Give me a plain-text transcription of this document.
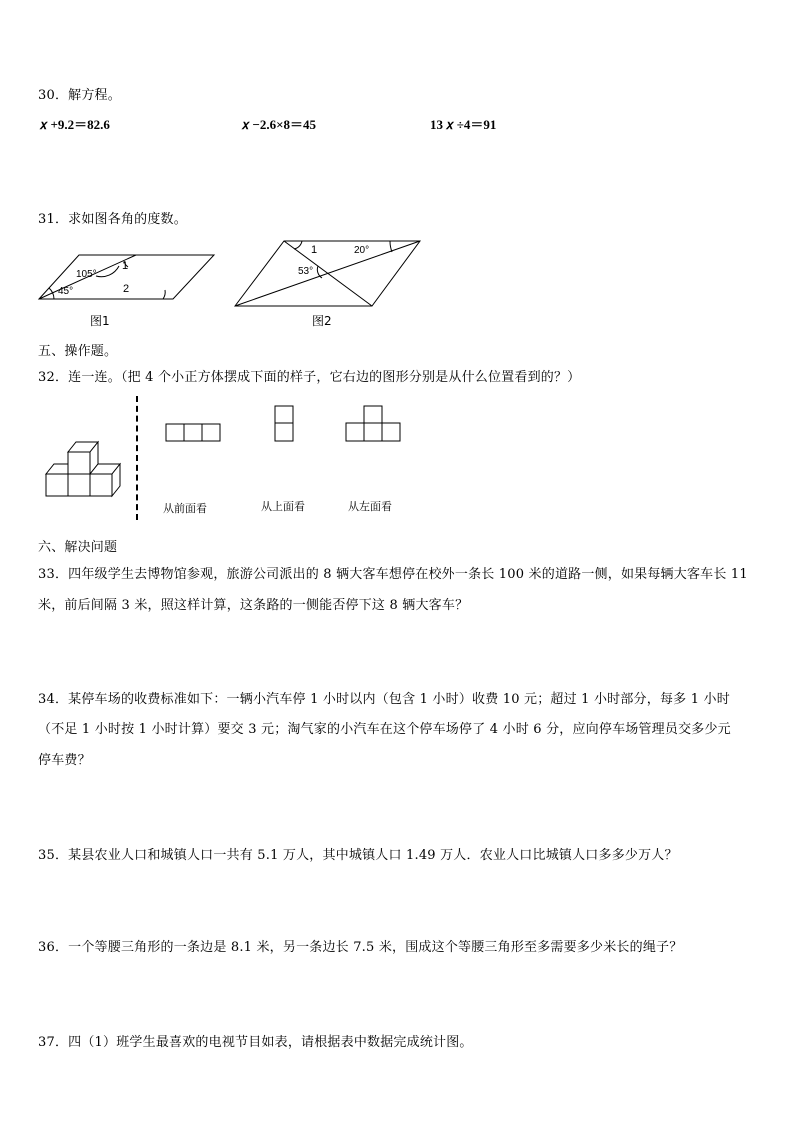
30．解方程。
𝑥 +9.2＝82.6	𝑥 −2.6×8＝45	13 𝑥 ÷4＝91
31．求如图各角的度数。
105°
45°
1
2
图1
1	20°
53°
图2
五、操作题。
32．连一连。（把 4 个小正方体摆成下面的样子，它右边的图形分别是从什么位置看到的？）
从前面看	从上面看	从左面看
六、解决问题
33．四年级学生去博物馆参观，旅游公司派出的 8 辆大客车想停在校外一条长 100 米的道路一侧，如果每辆大客车长 11
米，前后间隔 3 米，照这样计算，这条路的一侧能否停下这 8 辆大客车？
34．某停车场的收费标准如下：一辆小汽车停 1 小时以内（包含 1 小时）收费 10 元；超过 1 小时部分，每多 1 小时
（不足 1 小时按 1 小时计算）要交 3 元；淘气家的小汽车在这个停车场停了 4 小时 6 分，应向停车场管理员交多少元
停车费？
35．某县农业人口和城镇人口一共有 5.1 万人，其中城镇人口 1.49 万人．农业人口比城镇人口多多少万人？
36．一个等腰三角形的一条边是 8.1 米，另一条边长 7.5 米，围成这个等腰三角形至多需要多少米长的绳子？
37．四（1）班学生最喜欢的电视节目如表，请根据表中数据完成统计图。
